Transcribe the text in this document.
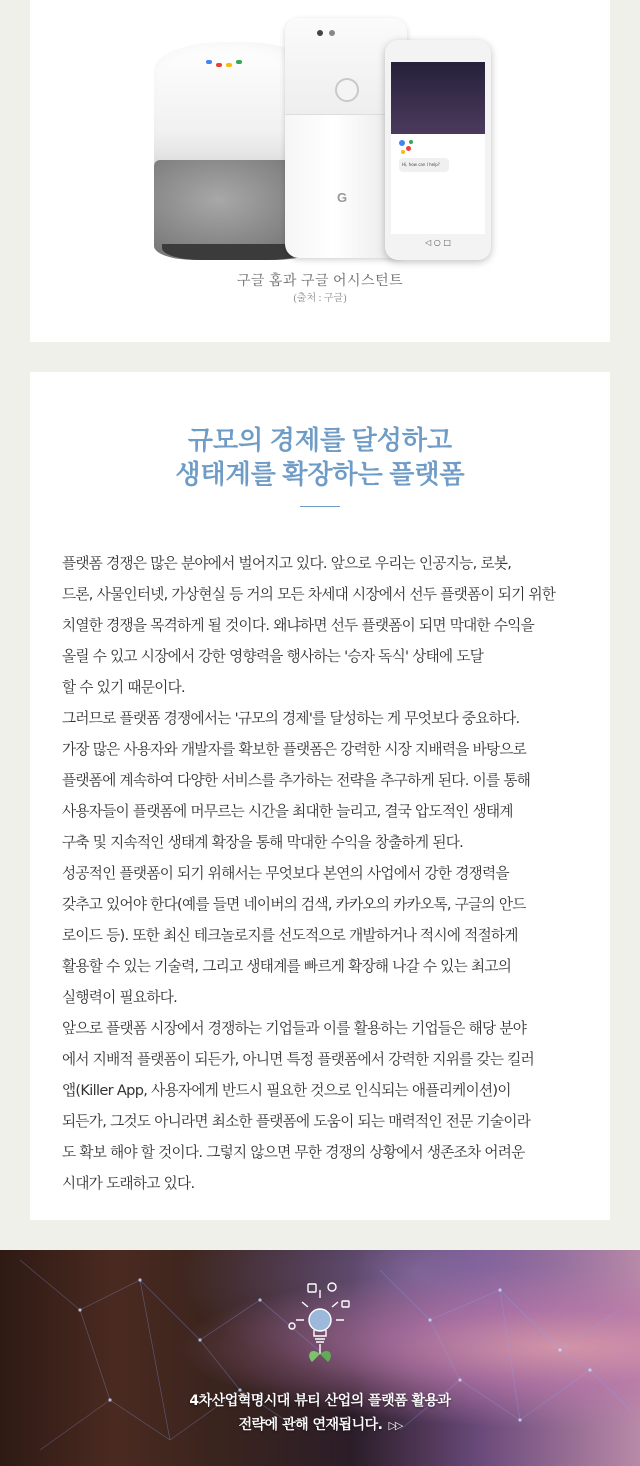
G
Hi, how can I help?
◁ ○ □
구글 홈과 구글 어시스턴트
(출처 : 구글)
규모의 경제를 달성하고
생태계를 확장하는 플랫폼

플랫폼 경쟁은 많은 분야에서 벌어지고 있다. 앞으로 우리는 인공지능, 로봇,

드론, 사물인터넷, 가상현실 등 거의 모든 차세대 시장에서 선두 플랫폼이 되기 위한

치열한 경쟁을 목격하게 될 것이다. 왜냐하면 선두 플랫폼이 되면 막대한 수익을

올릴 수 있고 시장에서 강한 영향력을 행사하는 '승자 독식' 상태에 도달

할 수 있기 때문이다.

그러므로 플랫폼 경쟁에서는 '규모의 경제'를 달성하는 게 무엇보다 중요하다.

가장 많은 사용자와 개발자를 확보한 플랫폼은 강력한 시장 지배력을 바탕으로

플랫폼에 계속하여 다양한 서비스를 추가하는 전략을 추구하게 된다. 이를 통해

사용자들이 플랫폼에 머무르는 시간을 최대한 늘리고, 결국 압도적인 생태계

구축 및 지속적인 생태계 확장을 통해 막대한 수익을 창출하게 된다.

성공적인 플랫폼이 되기 위해서는 무엇보다 본연의 사업에서 강한 경쟁력을

갖추고 있어야 한다(예를 들면 네이버의 검색, 카카오의 카카오톡, 구글의 안드

로이드 등). 또한 최신 테크놀로지를 선도적으로 개발하거나 적시에 적절하게

활용할 수 있는 기술력, 그리고 생태계를 빠르게 확장해 나갈 수 있는 최고의

실행력이 필요하다.

앞으로 플랫폼 시장에서 경쟁하는 기업들과 이를 활용하는 기업들은 해당 분야

에서 지배적 플랫폼이 되든가, 아니면 특정 플랫폼에서 강력한 지위를 갖는 킬러

앱(Killer App, 사용자에게 반드시 필요한 것으로 인식되는 애플리케이션)이

되든가, 그것도 아니라면 최소한 플랫폼에 도움이 되는 매력적인 전문 기술이라

도 확보 해야 할 것이다. 그렇지 않으면 무한 경쟁의 상황에서 생존조차 어려운

시대가 도래하고 있다.

4차산업혁명시대 뷰티 산업의 플랫폼 활용과
전략에 관해 연재됩니다. ▷▷
